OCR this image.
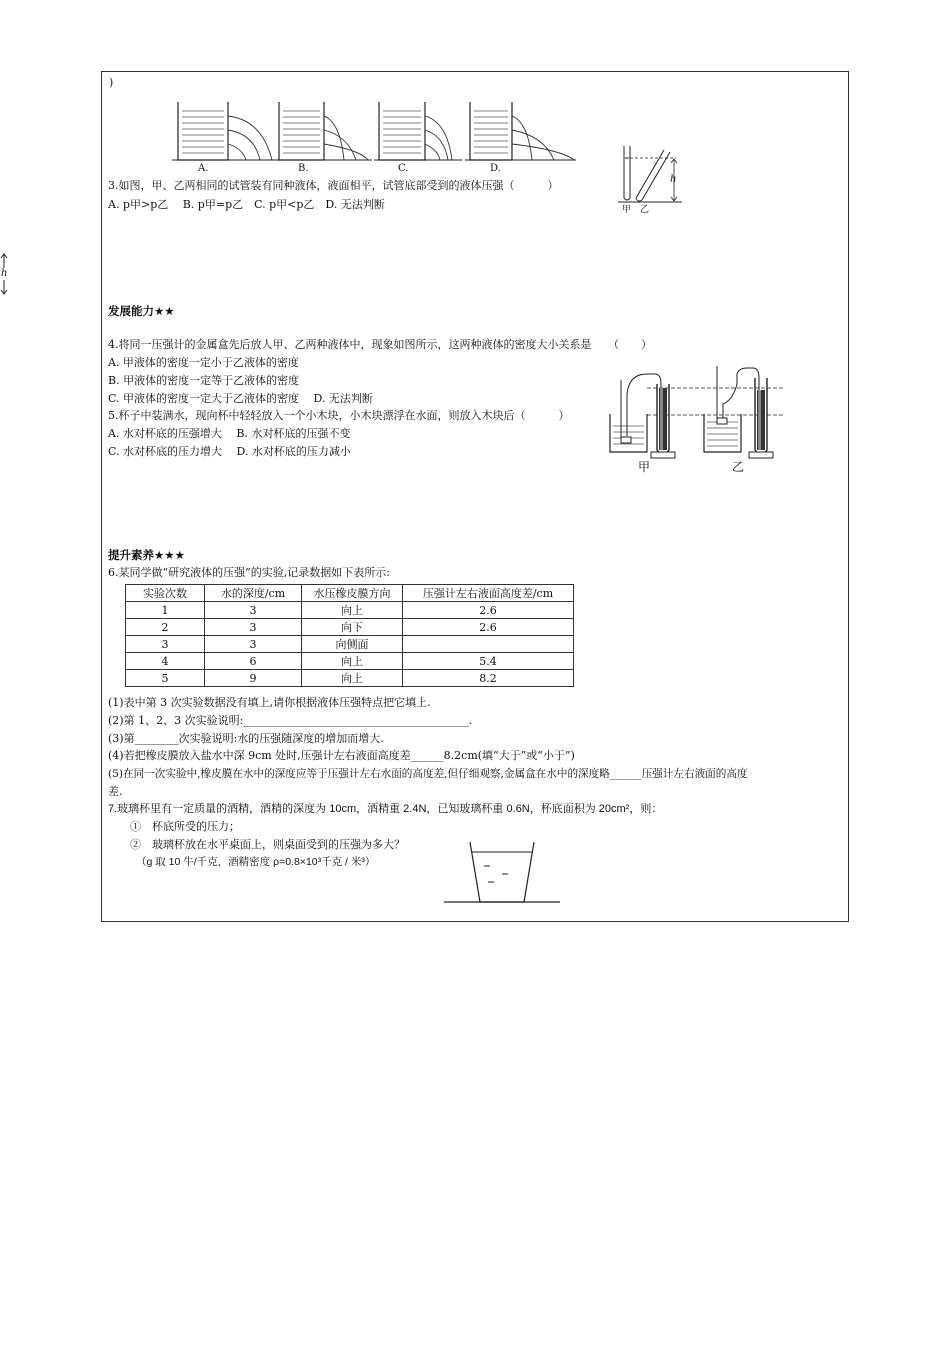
h
)
A.	B.	C.	D.
h
甲 乙
3.如图，甲、乙两相同的试管装有同种液体，液面相平，试管底部受到的液体压强（　　　）
A. p甲>p乙　 B. p甲=p乙　C. p甲<p乙　D. 无法判断
发展能力★★
4.将同一压强计的金属盒先后放人甲、乙两种液体中，现象如图所示，这两种液体的密度大小关系是　　（　　）
A. 甲液体的密度一定小于乙液体的密度
B. 甲液体的密度一定等于乙液体的密度
C. 甲液体的密度一定大于乙液体的密度　 D. 无法判断
5.杯子中装满水，现向杯中轻轻放入一个小木块，小木块漂浮在水面，则放入木块后（　　　）
A. 水对杯底的压强增大　 B. 水对杯底的压强不变
C. 水对杯底的压力增大　 D. 水对杯底的压力减小
甲	乙
提升素养★★★
6.某同学做“研究液体的压强”的实验,记录数据如下表所示:
实验次数	水的深度/cm	水压橡皮膜方向	压强计左右液面高度差/cm
1	3	向上	2.6
2	3	向下	2.6
3	3	向侧面	
4	6	向上	5.4
5	9	向上	8.2
(1)表中第 3 次实验数据没有填上,请你根据液体压强特点把它填上.
(2)第 1、2、3 次实验说明:_________________________________________.
(3)第________次实验说明:水的压强随深度的增加而增大.
(4)若把橡皮膜放入盐水中深 9cm 处时,压强计左右液面高度差______8.2cm(填“大于”或“小于”)
(5)在同一次实验中,橡皮膜在水中的深度应等于压强计左右水面的高度差,但仔细观察,金属盒在水中的深度略______压强计左右液面的高度
差.
7.玻璃杯里有一定质量的酒精，酒精的深度为 10cm，酒精重 2.4N，已知玻璃杯重 0.6N，杯底面积为 20cm²，则：
①　杯底所受的压力；
②　玻璃杯放在水平桌面上，则桌面受到的压强为多大？
（g 取 10 牛/千克，酒精密度 ρ=0.8×10³千克 / 米³）
